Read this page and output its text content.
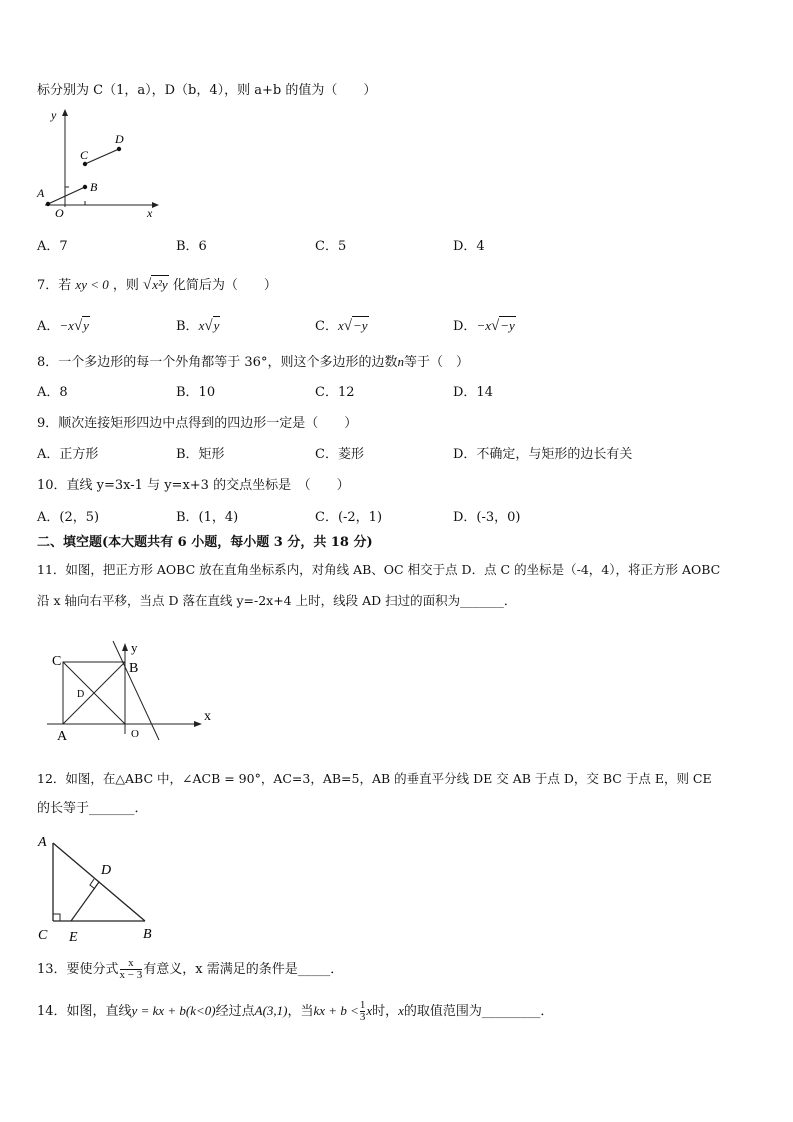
标分别为 C（1，a），D（b，4），则 a+b 的值为（　　）
y
x
O
A	B
C
D
A．7	B．6	C．5	D．4
7．若 xy < 0 ，则 √x²y 化简后为（　　）
A．−x√y	B．x√y	C．x√−y	D．−x√−y
8．一个多边形的每一个外角都等于 36°，则这个多边形的边数n等于（　）
A．8	B．10	C．12	D．14
9．顺次连接矩形四边中点得到的四边形一定是（　　）
A．正方形	B．矩形	C．菱形	D．不确定，与矩形的边长有关
10．直线 y=3x-1 与 y=x+3 的交点坐标是　（　　）
A．(2，5)	B．(1，4)	C．(-2，1)	D．(-3，0)
二、填空题(本大题共有 6 小题，每小题 3 分，共 18 分)
11．如图，把正方形 AOBC 放在直角坐标系内，对角线 AB、OC 相交于点 D．点 C 的坐标是（-4，4），将正方形 AOBC
沿 x 轴向右平移，当点 D 落在直线 y=-2x+4 上时，线段 AD 扫过的面积为_______．
C	B
y
x
D
A	O
12．如图，在△ABC 中，∠ACB = 90°，AC=3，AB=5，AB 的垂直平分线 DE 交 AB 于点 D，交 BC 于点 E，则 CE
的长等于_______．
A
D
C E	B
13．要使分式 $\frac{x}{x - 3}$ 有意义，x 需满足的条件是_____．
14．如图，直线y = kx + b(k<0)经过点A(3,1)，当kx + $b < \frac{1}{3}$ x时，x的取值范围为_________．
